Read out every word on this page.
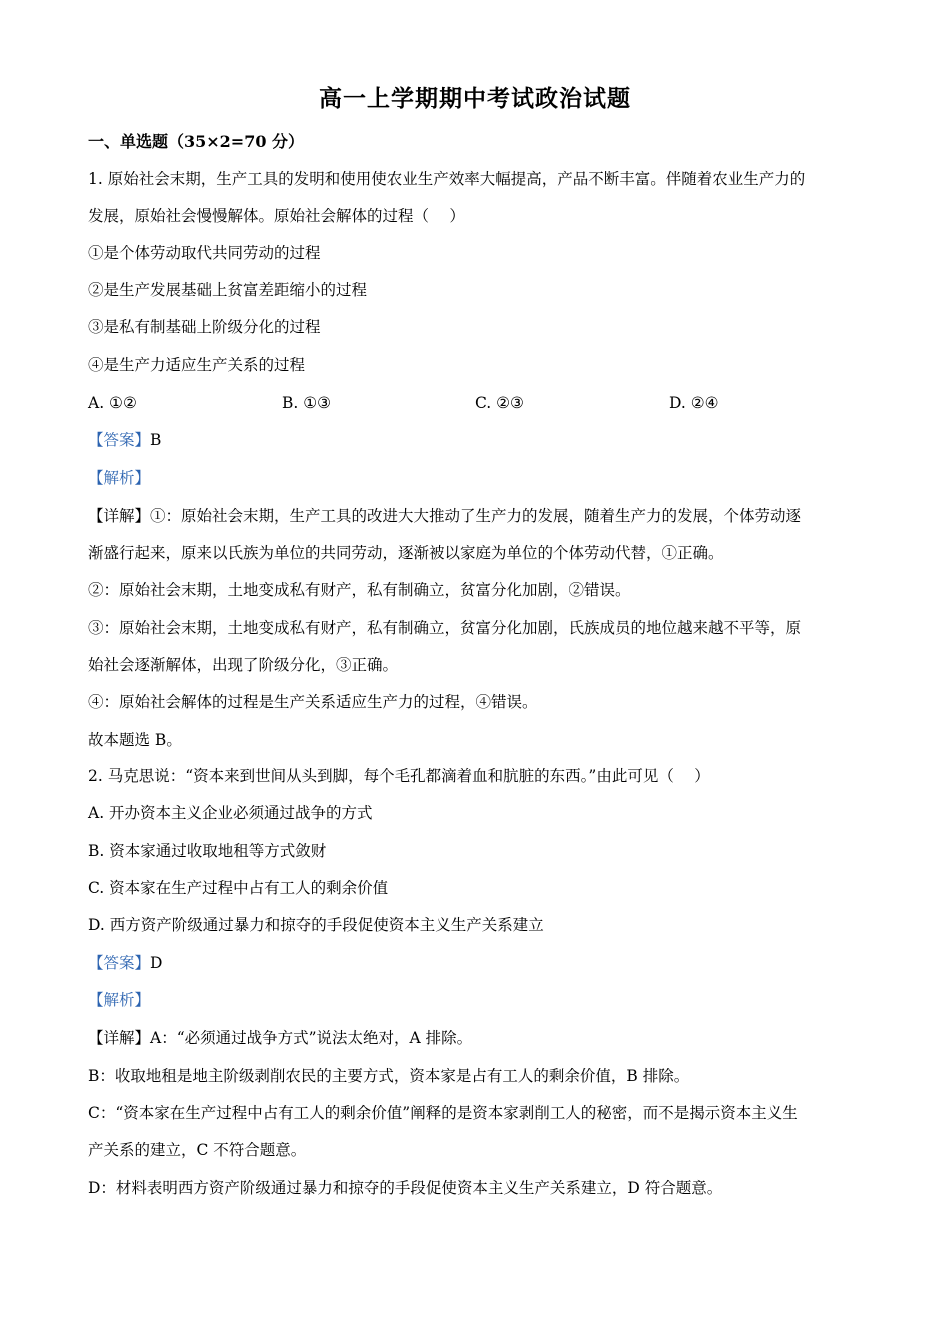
高一上学期期中考试政治试题
一、单选题（35×2=70 分）
1. 原始社会末期，生产工具的发明和使用使农业生产效率大幅提高，产品不断丰富。伴随着农业生产力的
发展，原始社会慢慢解体。原始社会解体的过程（　 ）
①是个体劳动取代共同劳动的过程
②是生产发展基础上贫富差距缩小的过程
③是私有制基础上阶级分化的过程
④是生产力适应生产关系的过程
A. ①②	B. ①③	C. ②③	D. ②④
【答案】B
【解析】
【详解】①：原始社会末期，生产工具的改进大大推动了生产力的发展，随着生产力的发展，个体劳动逐
渐盛行起来，原来以氏族为单位的共同劳动，逐渐被以家庭为单位的个体劳动代替，①正确。
②：原始社会末期，土地变成私有财产，私有制确立，贫富分化加剧，②错误。
③：原始社会末期，土地变成私有财产，私有制确立，贫富分化加剧，氏族成员的地位越来越不平等，原
始社会逐渐解体，出现了阶级分化，③正确。
④：原始社会解体的过程是生产关系适应生产力的过程，④错误。
故本题选 B。
2. 马克思说：“资本来到世间从头到脚，每个毛孔都滴着血和肮脏的东西。”由此可见（　 ）
A. 开办资本主义企业必须通过战争的方式
B. 资本家通过收取地租等方式敛财
C. 资本家在生产过程中占有工人的剩余价值
D. 西方资产阶级通过暴力和掠夺的手段促使资本主义生产关系建立
【答案】D
【解析】
【详解】A：“必须通过战争方式”说法太绝对，A 排除。
B：收取地租是地主阶级剥削农民的主要方式，资本家是占有工人的剩余价值，B 排除。
C：“资本家在生产过程中占有工人的剩余价值”阐释的是资本家剥削工人的秘密，而不是揭示资本主义生
产关系的建立，C 不符合题意。
D：材料表明西方资产阶级通过暴力和掠夺的手段促使资本主义生产关系建立，D 符合题意。
